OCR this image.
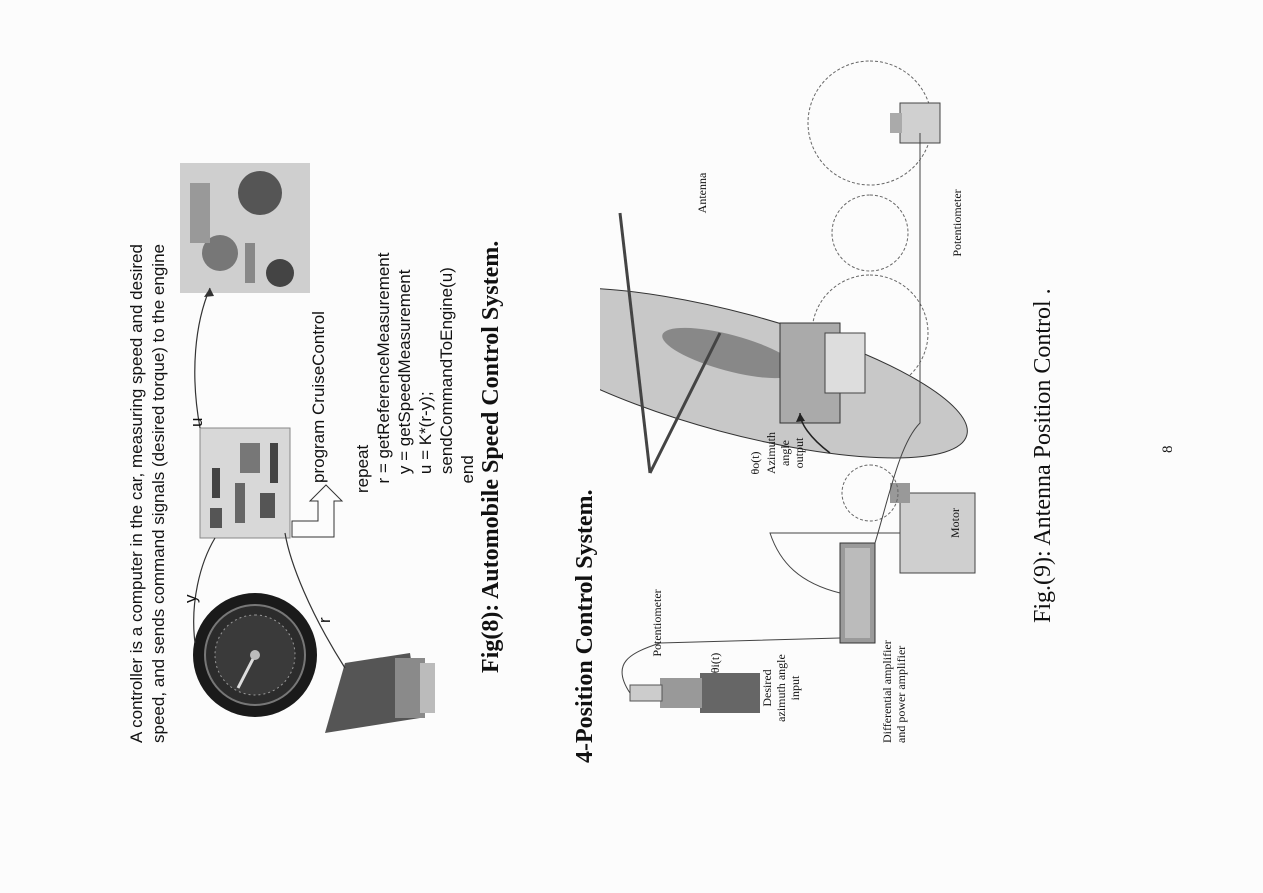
A controller is a computer in the car, measuring speed and desired speed, and sends command signals (desired torque) to the engine y
r
u	program CruiseControl repeat r = getReferenceMeasurement y = getSpeedMeasurement u = K*(r-y); sendCommandToEngine(u) end Fig(8): Automobile Speed Control System.	4-Position Control System.	Potentiometer
θi(t)
Desired azimuth angle input	Differential amplifier and power amplifier
Motor
θo(t) Azimuth angle output
Antenna	Potentiometer
Fig.(9): Antenna Position Control .	8
